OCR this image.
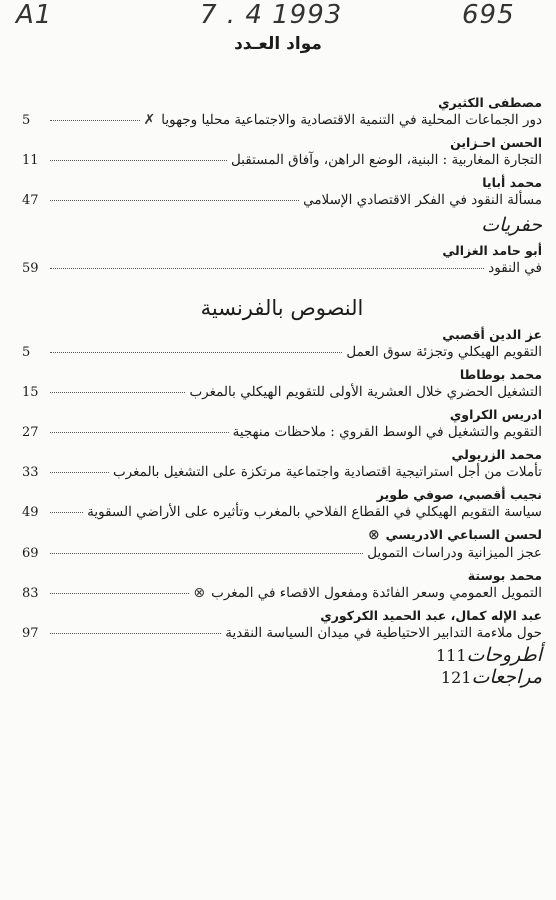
A1	7 . 4 1993	695
مواد العـدد
مصطفى الكثيري
دور الجماعات المحلية في التنمية الاقتصادية والاجتماعية محليا وجهويا
✗
5
الحسن احـزاين
التجارة المغاربية : البنية، الوضع الراهن، وآفاق المستقبل
11
محمد أبايا
مسألة النقود في الفكر الاقتصادي الإسلامي
47
حفريات
أبو حامد الغزالي
في النقود
59
النصوص بالفرنسية
عز الدين أقصبي
التقويم الهيكلي وتجزئة سوق العمل
5
محمد بوطاطا
التشغيل الحضري خلال العشرية الأولى للتقويم الهيكلي بالمغرب
15
ادريس الكراوي
التقويم والتشغيل في الوسط القروي : ملاحظات منهجية
27
محمد الزريولي
تأملات من أجل استراتيجية اقتصادية واجتماعية مرتكزة على التشغيل بالمغرب
33
نجيب أقصبي، صوفي طوير
سياسة التقويم الهيكلي في القطاع الفلاحي بالمغرب وتأثيره على الأراضي السقوية
49
لحسن السباعي الادريسي⊗
عجز الميزانية ودراسات التمويل
69
محمد بوستة
التمويل العمومي وسعر الفائدة ومفعول الاقصاء في المغرب
⊗
83
عبد الإله كمال، عبد الحميد الكركوري
حول ملاءمة التدابير الاحتياطية في ميدان السياسة النقدية
97
أطروحات
111
مراجعات
121
